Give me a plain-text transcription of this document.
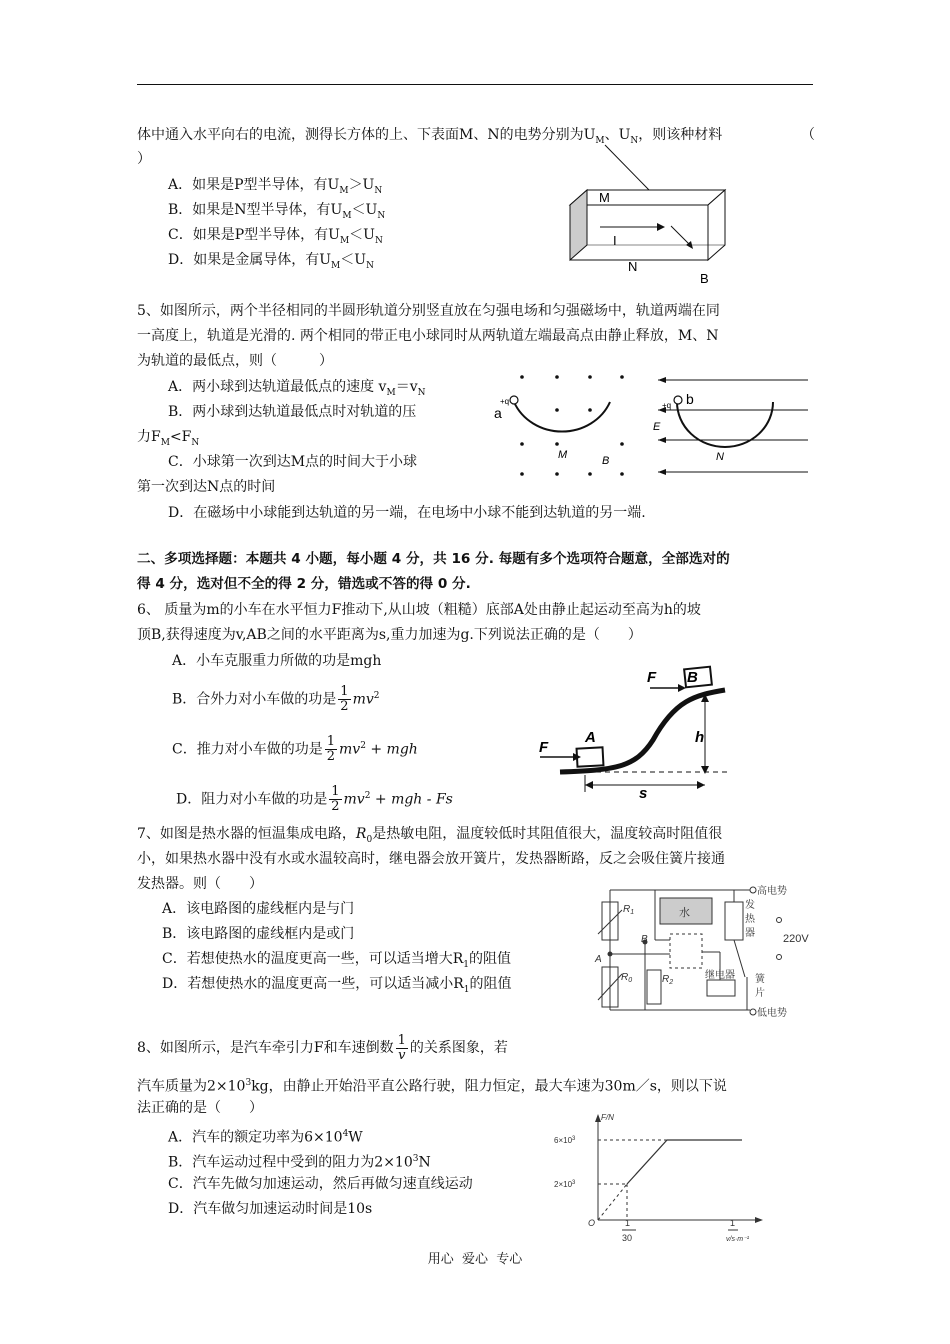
体中通入水平向右的电流，测得长方体的上、下表面M、N的电势分别为$U_M$、$U_N$，则该种材料	（
）
A．如果是P型半导体，有$U_M>U_N$
B．如果是N型半导体，有$U_M<U_N$
C．如果是P型半导体，有$U_M<U_N$
D．如果是金属导体，有$U_M<U_N$
M
I
N
B
5、如图所示，两个半径相同的半圆形轨道分别竖直放在匀强电场和匀强磁场中，轨道两端在同
一高度上，轨道是光滑的. 两个相同的带正电小球同时从两轨道左端最高点由静止释放，M、N
为轨道的最低点，则（　　　）
A．两小球到达轨道最低点的速度 $v_M=v_N$
B．两小球到达轨道最低点时对轨道的压
力$F_M<F_N$
C．小球第一次到达M点的时间大于小球
第一次到达N点的时间
D．在磁场中小球能到达轨道的另一端，在电场中小球不能到达轨道的另一端.
a
+q
M	B
b
+q
E
N
二、多项选择题：本题共 4 小题，每小题 4 分，共 16 分. 每题有多个选项符合题意，全部选对的
得 4 分，选对但不全的得 2 分，错选或不答的得 0 分.
6、 质量为m的小车在水平恒力F推动下,从山坡（粗糙）底部A处由静止起运动至高为h的坡
顶B,获得速度为v,AB之间的水平距离为s,重力加速为g.下列说法正确的是（　　）
A．小车克服重力所做的功是mgh
B．合外力对小车做的功是 $\frac{1}{2} mv^2$
C．推力对小车做的功是 $\frac{1}{2} mv^2$ + mgh
D．阻力对小车做的功是 $\frac{1}{2} mv^2$ + mgh - Fs
F B
F
A	h
s
7、如图是热水器的恒温集成电路，$R_0$是热敏电阻，温度较低时其阻值很大，温度较高时阻值很
小，如果热水器中没有水或水温较高时，继电器会放开簧片，发热器断路，反之会吸住簧片接通
发热器。则（　　）
A．该电路图的虚线框内是与门
B．该电路图的虚线框内是或门
C．若想使热水的温度更高一些，可以适当增大$R_1$的阻值
D．若想使热水的温度更高一些，可以适当减小$R_1$的阻值
高电势
$R_1$	水
发
热
器
B	220V
A
$R_0$	$R_2$
继电器 簧
片
低电势
8、如图所示，是汽车牵引力F和车速倒数 $\frac{1}{v}$ 的关系图象，若
汽车质量为$2\times 10^3kg$，由静止开始沿平直公路行驶，阻力恒定，最大车速为30m／s，则以下说
法正确的是（　　）
A．汽车的额定功率为$6\times 10^4W$
B．汽车运动过程中受到的阻力为$2\times 10^3N$
C．汽车先做匀加速运动，然后再做匀速直线运动
D．汽车做匀加速运动时间是10s
F/N
$6\times 10^3$
$2\times 10^3$
O	1
30
1
v/s·m⁻¹
用心  爱心  专心
